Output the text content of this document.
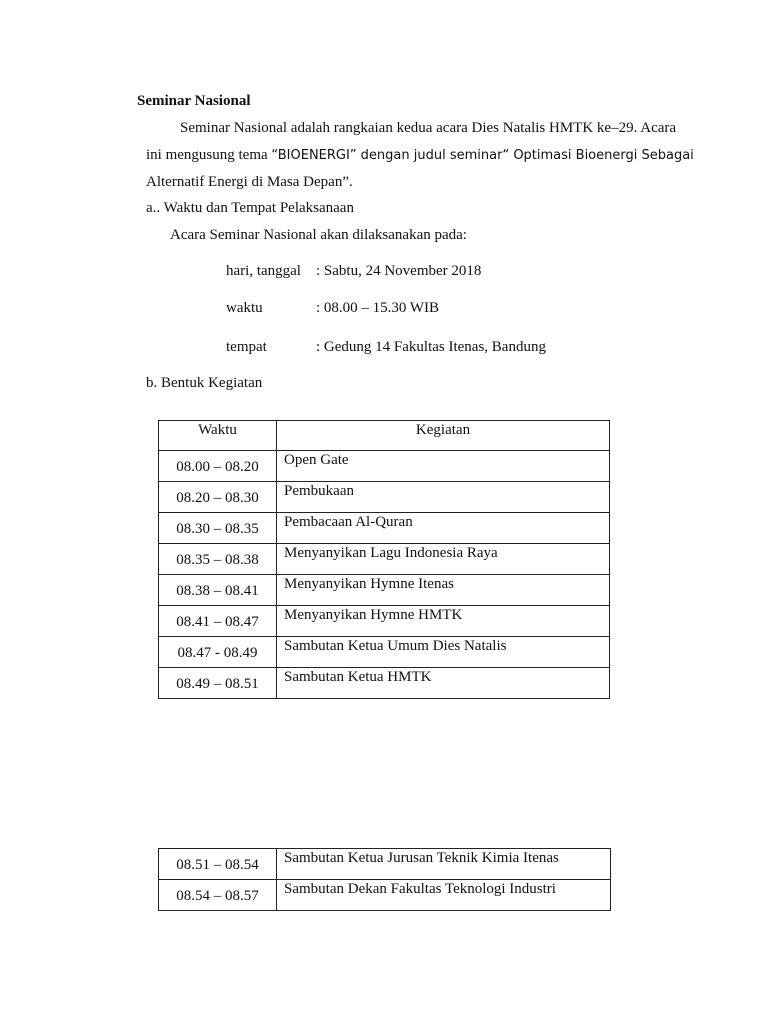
Seminar Nasional
Seminar Nasional adalah rangkaian kedua acara Dies Natalis HMTK ke–29. Acara
ini mengusung tema “BIOENERGI” dengan judul seminar“ Optimasi Bioenergi Sebagai
Alternatif Energi di Masa Depan”.
a.. Waktu dan Tempat Pelaksanaan
Acara Seminar Nasional akan dilaksanakan pada:
hari, tanggal : Sabtu, 24 November 2018
waktu	: 08.00 – 15.30 WIB
tempat	: Gedung 14 Fakultas Itenas, Bandung
b. Bentuk Kegiatan
Waktu	Kegiatan
08.00 – 08.20	Open Gate
08.20 – 08.30	Pembukaan
08.30 – 08.35	Pembacaan Al-Quran
08.35 – 08.38	Menyanyikan Lagu Indonesia Raya
08.38 – 08.41	Menyanyikan Hymne Itenas
08.41 – 08.47	Menyanyikan Hymne HMTK
08.47 - 08.49	Sambutan Ketua Umum Dies Natalis
08.49 – 08.51	Sambutan Ketua HMTK
08.51 – 08.54	Sambutan Ketua Jurusan Teknik Kimia Itenas
08.54 – 08.57	Sambutan Dekan Fakultas Teknologi Industri
